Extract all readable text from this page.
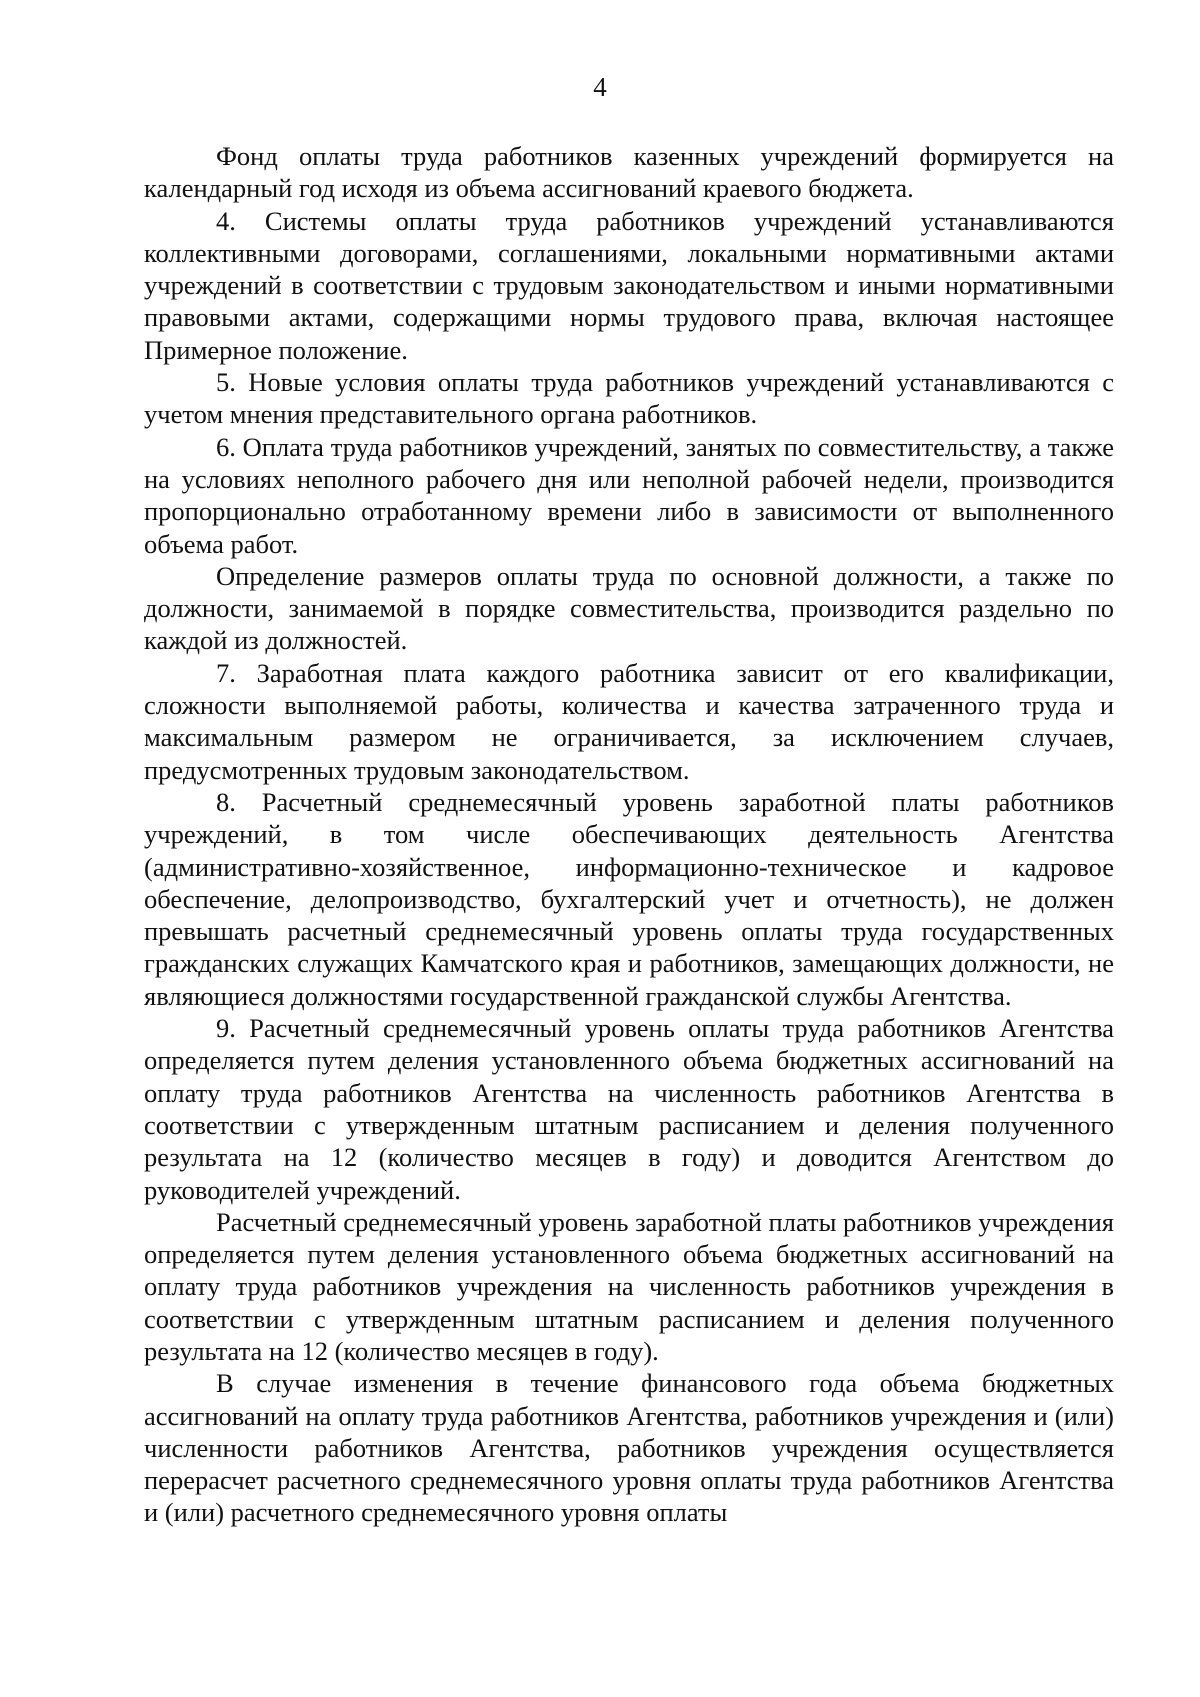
4

Фонд оплаты труда работников казенных учреждений формируется на календарный год исходя из объема ассигнований краевого бюджета.

4. Системы оплаты труда работников учреждений устанавливаются коллективными договорами, соглашениями, локальными нормативными актами учреждений в соответствии с трудовым законодательством и иными нормативными правовыми актами, содержащими нормы трудового права, включая настоящее Примерное положение.

5. Новые условия оплаты труда работников учреждений устанавливаются с учетом мнения представительного органа работников.

6. Оплата труда работников учреждений, занятых по совместительству, а также на условиях неполного рабочего дня или неполной рабочей недели, производится пропорционально отработанному времени либо в зависимости от выполненного объема работ.

Определение размеров оплаты труда по основной должности, а также по должности, занимаемой в порядке совместительства, производится раздельно по каждой из должностей.

7. Заработная плата каждого работника зависит от его квалификации, сложности выполняемой работы, количества и качества затраченного труда и максимальным размером не ограничивается, за исключением случаев, предусмотренных трудовым законодательством.

8. Расчетный среднемесячный уровень заработной платы работников учреждений, в том числе обеспечивающих деятельность Агентства (административно-хозяйственное, информационно-техническое и кадровое обеспечение, делопроизводство, бухгалтерский учет и отчетность), не должен превышать расчетный среднемесячный уровень оплаты труда государственных гражданских служащих Камчатского края и работников, замещающих должности, не являющиеся должностями государственной гражданской службы Агентства.

9. Расчетный среднемесячный уровень оплаты труда работников Агентства определяется путем деления установленного объема бюджетных ассигнований на оплату труда работников Агентства на численность работников Агентства в соответствии с утвержденным штатным расписанием и деления полученного результата на 12 (количество месяцев в году) и доводится Агентством до руководителей учреждений.

Расчетный среднемесячный уровень заработной платы работников учреждения определяется путем деления установленного объема бюджетных ассигнований на оплату труда работников учреждения на численность работников учреждения в соответствии с утвержденным штатным расписанием и деления полученного результата на 12 (количество месяцев в году).

В случае изменения в течение финансового года объема бюджетных ассигнований на оплату труда работников Агентства, работников учреждения и (или) численности работников Агентства, работников учреждения осуществляется перерасчет расчетного среднемесячного уровня оплаты труда работников Агентства и (или) расчетного среднемесячного уровня оплаты
